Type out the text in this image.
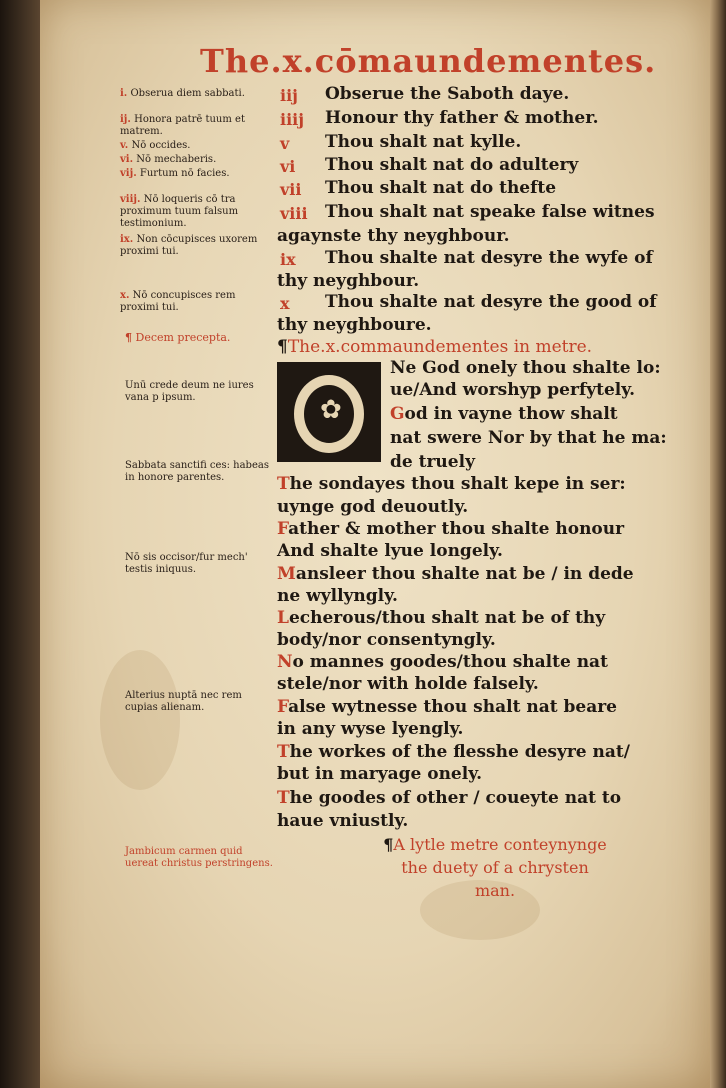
The.x.cōmaundementes.
i. Obserua diem sabbati.
ij. Honora patrē tuum et matrem.
v. Nō occides.
vi. Nō mechaberis.
vij. Furtum nō facies.
viij. Nō loqueris cō tra proximum tuum falsum testimonium.
ix. Non cōcupisces uxorem proximi tui.
x. Nō concupisces rem proximi tui.
¶ Decem precepta.
Unū crede deum ne iures vana p ipsum.
Sabbata sanctifi ces: habeas in honore parentes.
Nō sis occisor/fur mech' testis iniquus.
Alterius nuptā nec rem cupias alienam.
Jambicum carmen quid uereat christus perstringens.
iij	Obserue the Saboth daye.
iiij	Honour thy father & mother.
v	Thou shalt nat kylle.
vi	Thou shalt nat do adultery
vii	Thou shalt nat do thefte
viii	Thou shalt nat speake false witnes
agaynste thy neyghbour.
ix	Thou shalte nat desyre the wyfe of
thy neyghbour.
x	Thou shalte nat desyre the good of
thy neyghboure.
¶The.x.commaundementes in metre.
✿
Ne God onely thou shalte lo:
ue/And worshyp perfytely.
God in vayne thow shalt
nat swere Nor by that he ma:
de truely
The sondayes thou shalt kepe in ser:
uynge god deuoutly.
Father & mother thou shalte honour
And shalte lyue longely.
Mansleer thou shalte nat be / in dede
ne wyllyngly.
Lecherous/thou shalt nat be of thy
body/nor consentyngly.
No mannes goodes/thou shalte nat
stele/nor with holde falsely.
False wytnesse thou shalt nat beare
in any wyse lyengly.
The workes of the flesshe desyre nat/
but in maryage onely.
The goodes of other / coueyte nat to
haue vniustly.
¶A lytle metre conteynynge
the duety of a chrysten
man.
